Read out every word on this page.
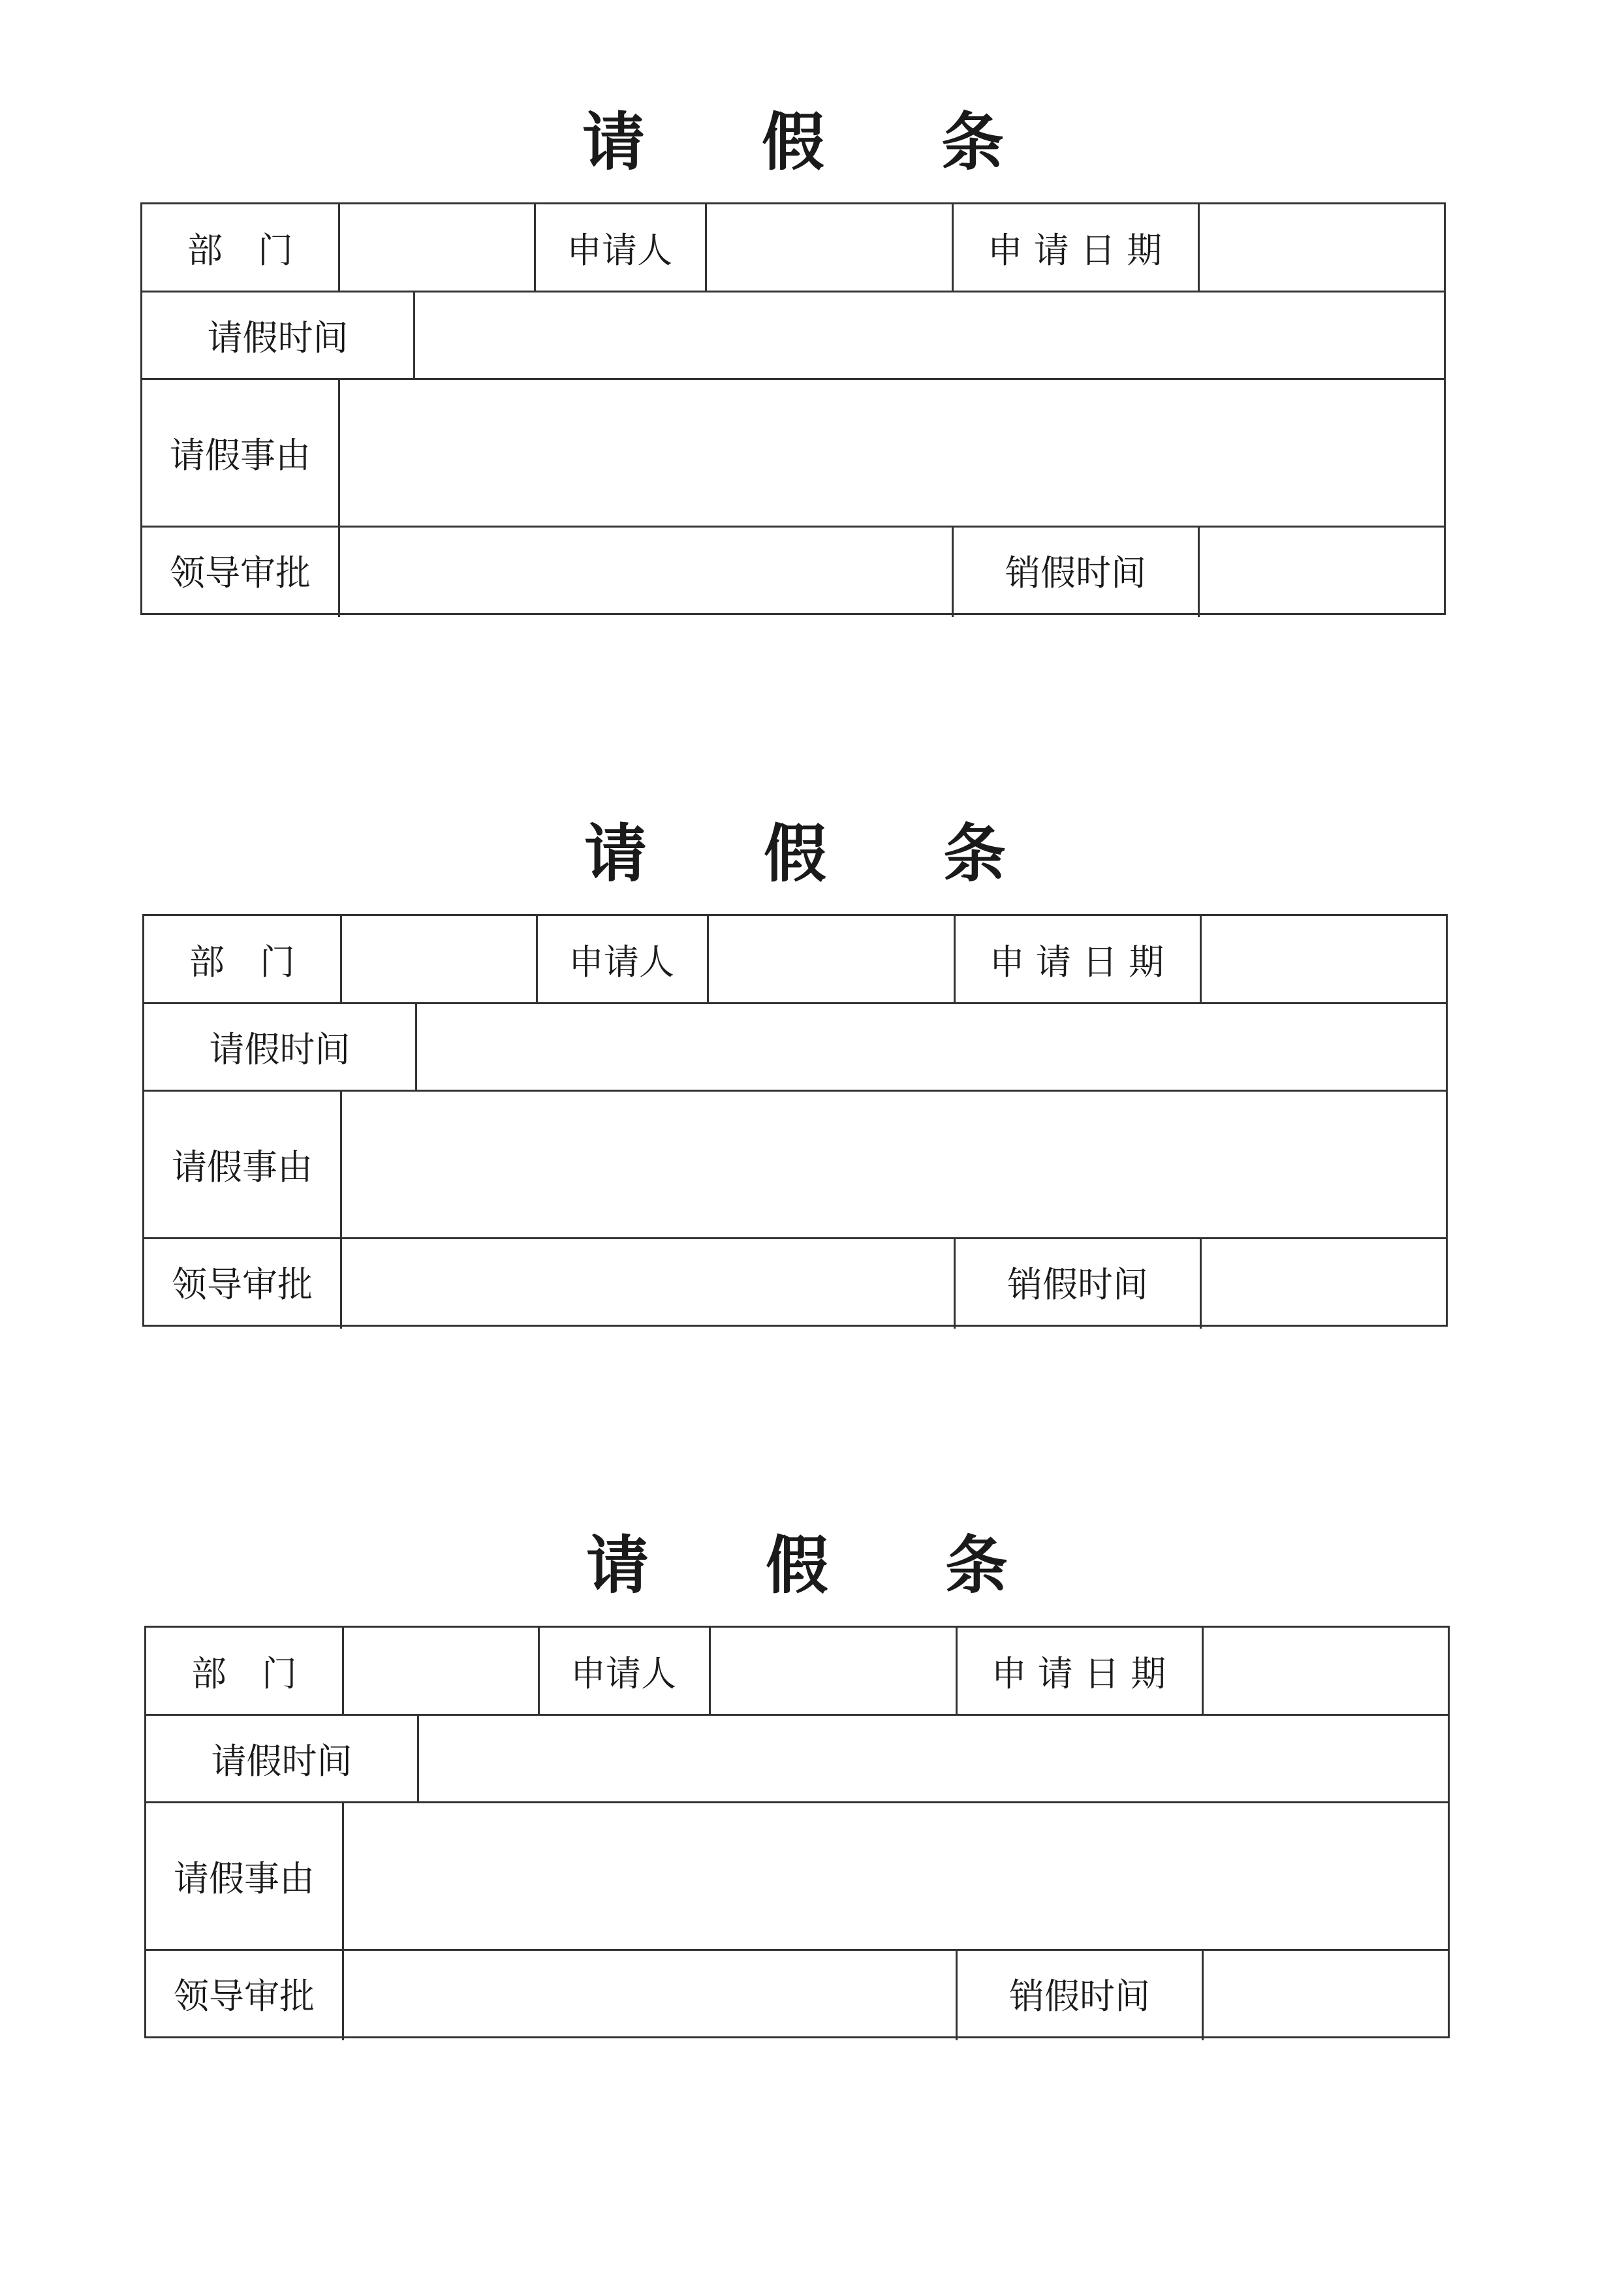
请	假	条
部　门	申请人	申 请 日 期
请假时间
请假事由
领导审批	销假时间
请	假	条
部　门	申请人	申 请 日 期
请假时间
请假事由
领导审批	销假时间
请	假	条
部　门	申请人	申 请 日 期
请假时间
请假事由
领导审批	销假时间
